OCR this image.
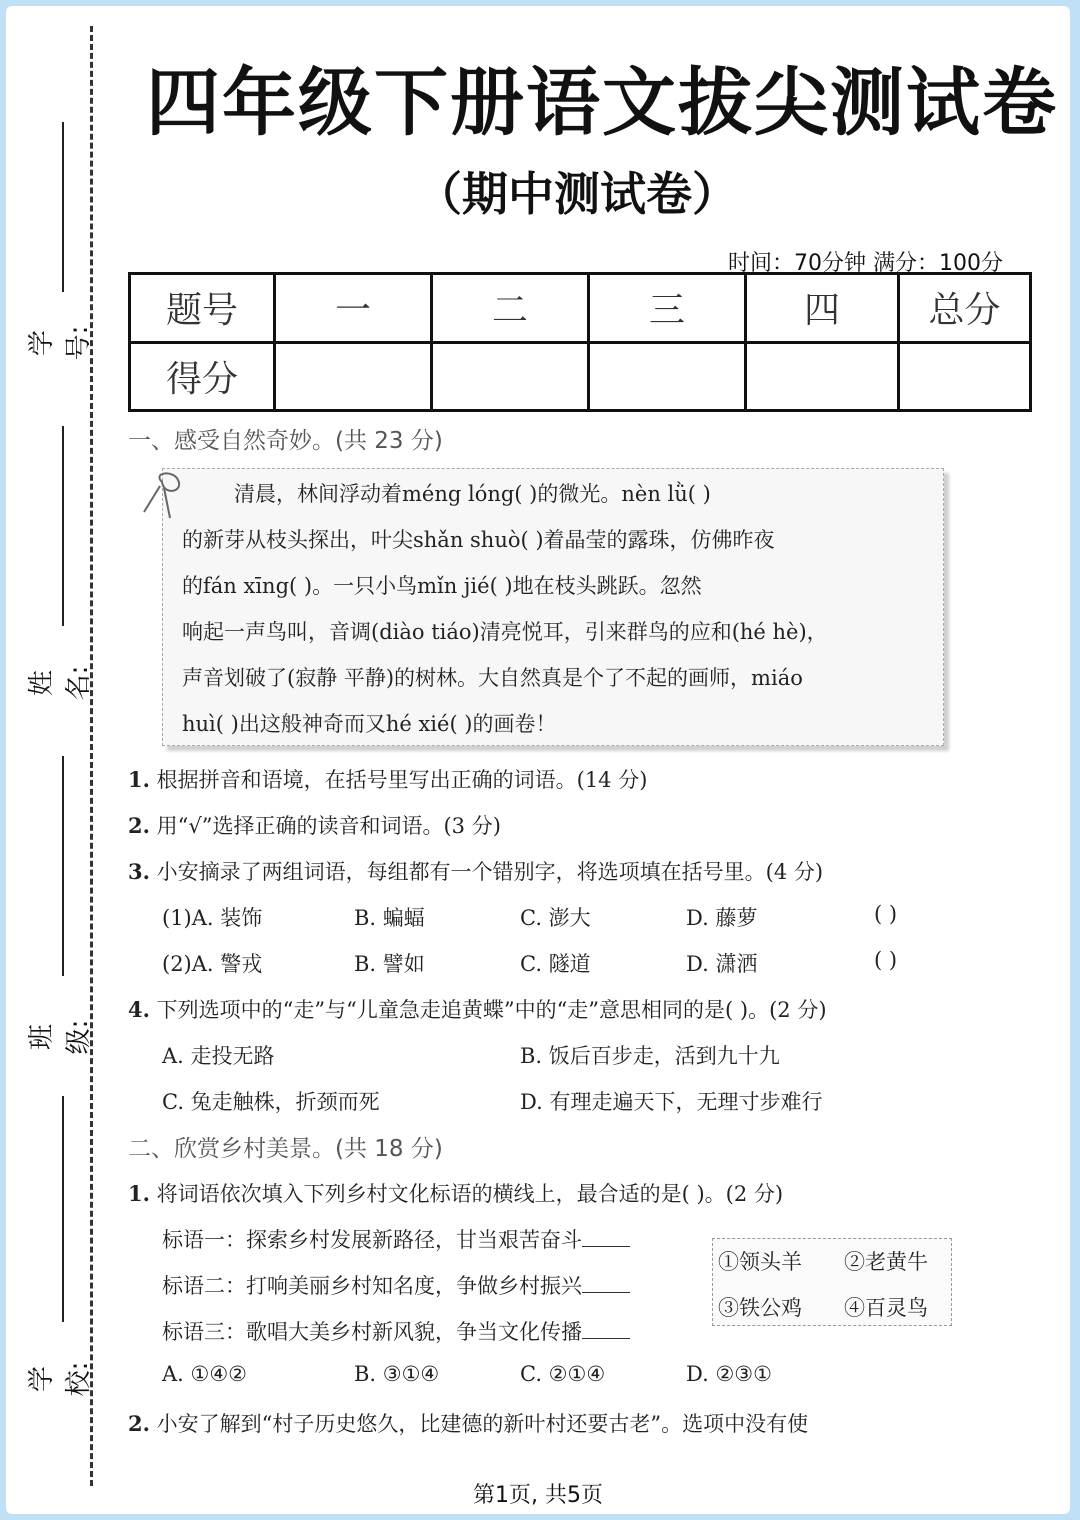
学号:
姓名:
班级:
学校:
四年级下册语文拔尖测试卷
（期中测试卷）
时间：70分钟 满分：100分
题号	一	二	三	四	总分
得分					
一、感受自然奇妙。(共 23 分)
清晨，林间浮动着méng lóng( )的微光。nèn lǜ( )
的新芽从枝头探出，叶尖shǎn shuò( )着晶莹的露珠，仿佛昨夜
的fán xīng( )。一只小鸟mǐn jié( )地在枝头跳跃。忽然
响起一声鸟叫，音调(diào tiáo)清亮悦耳，引来群鸟的应和(hé hè)，
声音划破了(寂静 平静)的树林。大自然真是个了不起的画师，miáo
huì( )出这般神奇而又hé xié( )的画卷！
1. 根据拼音和语境，在括号里写出正确的词语。(14 分)
2. 用“√”选择正确的读音和词语。(3 分)
3. 小安摘录了两组词语，每组都有一个错别字，将选项填在括号里。(4 分)
(1)A. 装饰	B. 蝙蝠	C. 澎大	D. 藤萝	( )
(2)A. 警戎	B. 譬如	C. 隧道	D. 潇洒	( )
4. 下列选项中的“走”与“儿童急走追黄蝶”中的“走”意思相同的是( )。(2 分)
A. 走投无路	B. 饭后百步走，活到九十九
C. 兔走触株，折颈而死	D. 有理走遍天下，无理寸步难行
二、欣赏乡村美景。(共 18 分)
1. 将词语依次填入下列乡村文化标语的横线上，最合适的是( )。(2 分)
标语一：探索乡村发展新路径，甘当艰苦奋斗
标语二：打响美丽乡村知名度，争做乡村振兴
标语三：歌唱大美乡村新风貌，争当文化传播
①领头羊 ②老黄牛
③铁公鸡 ④百灵鸟
A. ①④②	B. ③①④	C. ②①④	D. ②③①
2. 小安了解到“村子历史悠久，比建德的新叶村还要古老”。选项中没有使
第1页, 共5页
